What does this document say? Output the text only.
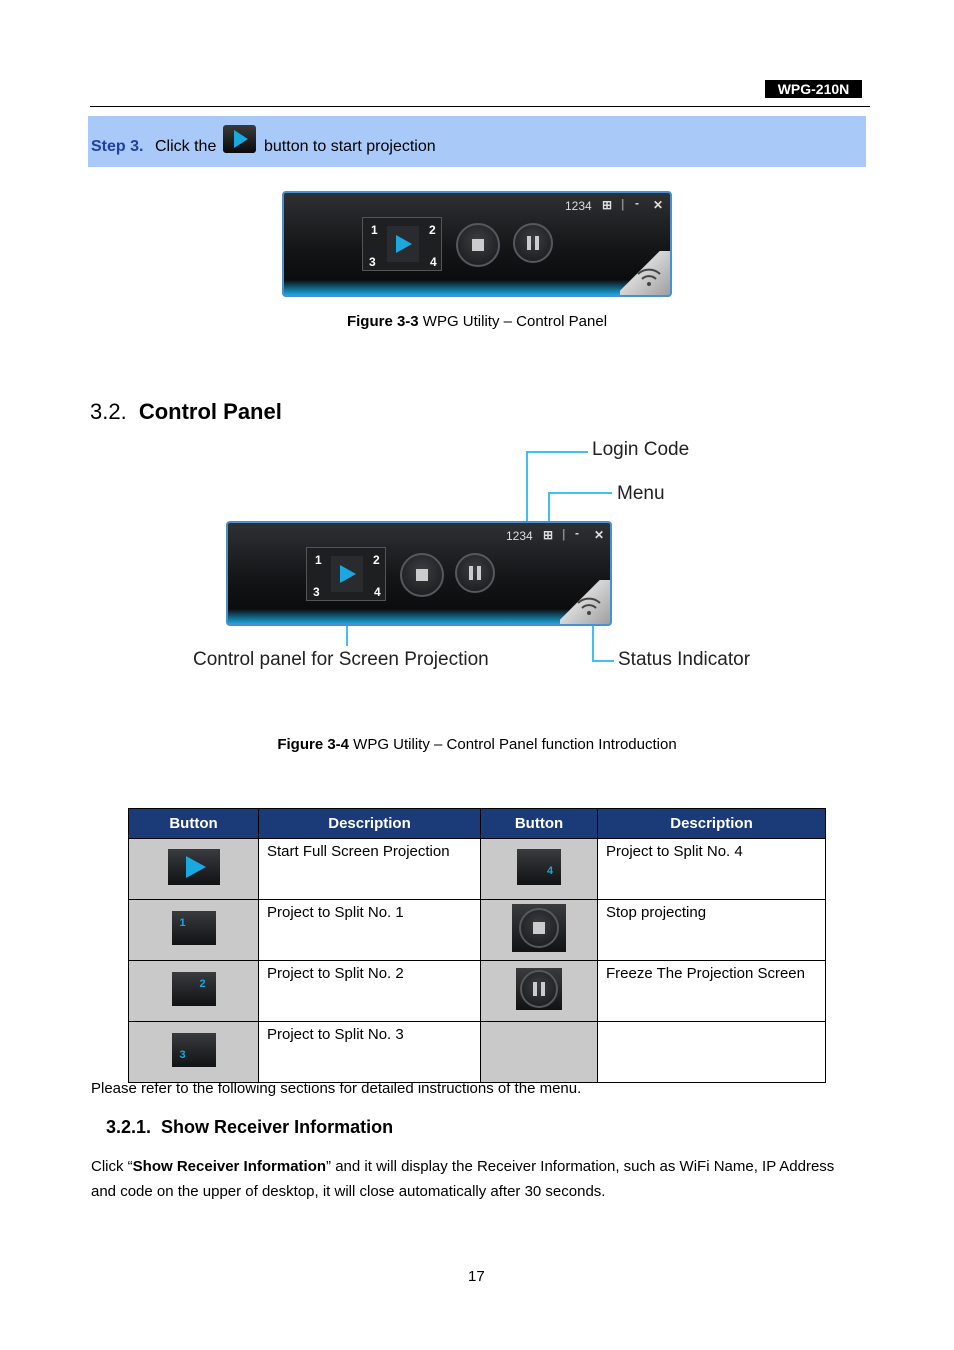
WPG-210N
Step 3. Click the	button to start projection
1234 ⊞ | - ✕
1	2
3	4
Figure 3-3 WPG Utility – Control Panel
3.2. Control Panel
Login Code
Menu
Control panel for Screen Projection	Status Indicator
1234 ⊞ | - ✕
1	2
3	4
Figure 3-4 WPG Utility – Control Panel function Introduction
Button	Description	Button	Description

	Start Full Screen Projection	4	Project to Split No. 4

1	Project to Split No. 1		Stop projecting

2	Project to Split No. 2		Freeze The Projection Screen

3	Project to Split No. 3		
Please refer to the following sections for detailed instructions of the menu.
3.2.1.  Show Receiver Information
Click “Show Receiver Information” and it will display the Receiver Information, such as WiFi Name, IP Address and code on the upper of desktop, it will close automatically after 30 seconds.
17
